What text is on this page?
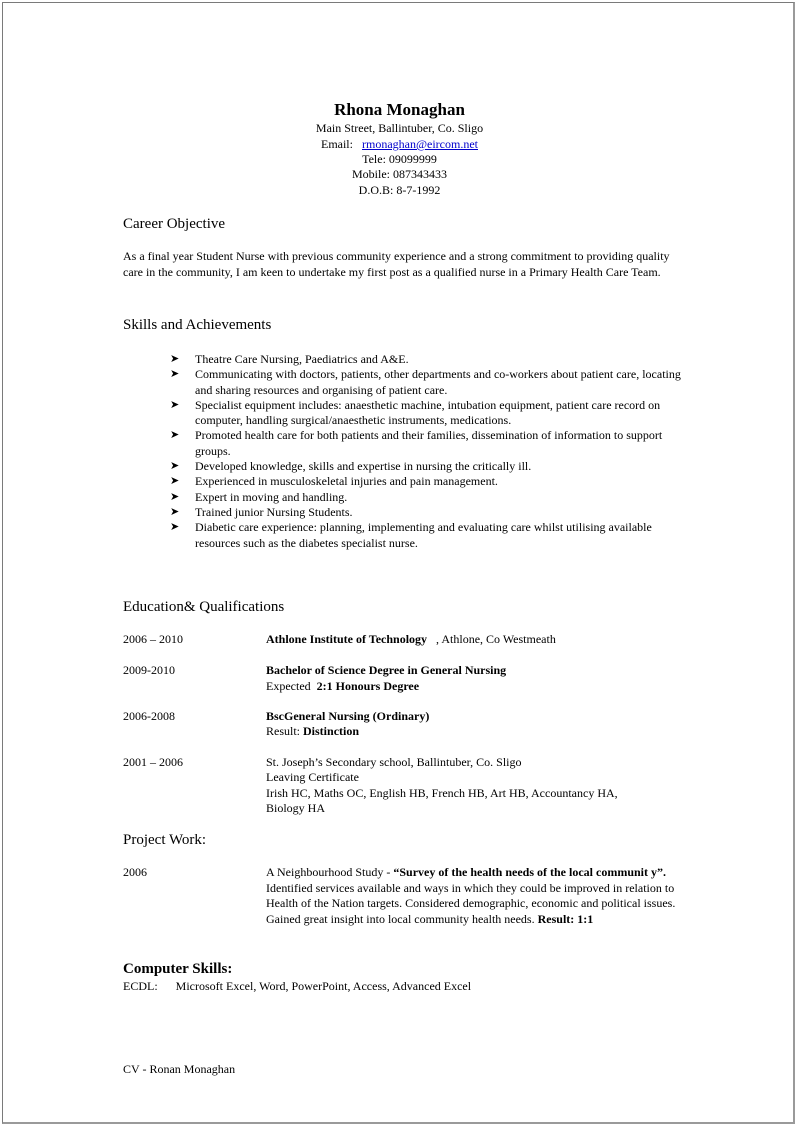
Rhona Monaghan
Main Street, Ballintuber, Co. Sligo
Email: rmonaghan@eircom.net
Tele: 09099999
Mobile: 087343433
D.O.B: 8-7-1992
Career Objective
As a final year Student Nurse with previous community experience and a strong commitment to providing quality care in the community, I am keen to undertake my first post as a qualified nurse in a Primary Health Care Team.
Skills and Achievements
➤ Theatre Care Nursing, Paediatrics and A&E.
➤ Communicating with doctors, patients, other departments and co-workers about patient care, locating and sharing resources and organising of patient care.
➤ Specialist equipment includes: anaesthetic machine, intubation equipment, patient care record on computer, handling surgical/anaesthetic instruments, medications.
➤ Promoted health care for both patients and their families, dissemination of information to support groups.
➤ Developed knowledge, skills and expertise in nursing the critically ill.
➤ Experienced in musculoskeletal injuries and pain management.
➤ Expert in moving and handling.
➤ Trained junior Nursing Students.
➤ Diabetic care experience: planning, implementing and evaluating care whilst utilising available resources such as the diabetes specialist nurse.
Education& Qualifications
2006 – 2010	Athlone Institute of Technology , Athlone, Co Westmeath
2009-2010	Bachelor of Science Degree in General Nursing
Expected 2:1 Honours Degree
2006-2008	BscGeneral Nursing (Ordinary)
Result: Distinction
2001 – 2006	St. Joseph’s Secondary school, Ballintuber, Co. Sligo
Leaving Certificate
Irish HC, Maths OC, English HB, French HB, Art HB, Accountancy HA,
Biology HA
Project Work:
2006	A Neighbourhood Study - “Survey of the health needs of the local communit y”. Identified services available and ways in which they could be improved in relation to Health of the Nation targets. Considered demographic, economic and political issues. Gained great insight into local community health needs. Result: 1:1
Computer Skills:
ECDL: Microsoft Excel, Word, PowerPoint, Access, Advanced Excel
CV - Ronan Monaghan
